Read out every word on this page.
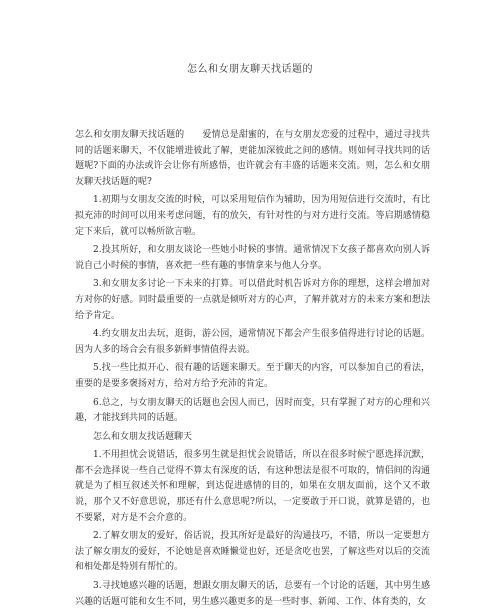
怎么和女朋友聊天找话题的

怎么和女朋友聊天找话题的 爱情总是甜蜜的，在与女朋友恋爱的过程中，通过寻找共同的话题来聊天，不仅能增进彼此了解，更能加深彼此之间的感情。则如何寻找共同的话题呢?下面的办法或许会让你有所感悟，也许就会有丰盛的话题来交流。则，怎么和女朋友聊天找话题的呢?

1.初期与女朋友交流的时候，可以采用短信作为辅助，因为用短信进行交流时，有比拟充沛的时间可以用来考虑问题，有的放矢，有针对性的与对方进行交流。等启期感情稳定下来后，就可以畅所欲言啦。

2.投其所好，和女朋友谈论一些她小时候的事情。通常情况下女孩子都喜欢向别人诉说自己小时候的事情，喜欢把一些有趣的事情拿来与他人分享。

3.和女朋友多讨论一下未来的打算。可以借此时机告诉对方你的理想，这样会增加对方对你的好感。同时最重要的一点就是倾听对方的心声，了解并就对方的未来方案和想法给予肯定。

4.约女朋友出去玩，逛街，游公园，通常情况下都会产生很多值得进行讨论的话题。因为人多的场合会有很多新鲜事情值得去说。

5.找一些比拟开心、很有趣的话题来聊天。至于聊天的内容，可以参加自己的看法，重要的是要多褒扬对方，给对方给予充沛的肯定。

6.总之，与女朋友聊天的话题也会因人而已，因时而变，只有掌握了对方的心理和兴趣，才能找到共同的话题。

怎么和女朋友找话题聊天

1.不用担忧会说错话，很多男生就是担忧会说错话，所以在很多时候宁愿选择沉默，都不会选择说一些自己觉得不算太有深度的话，有这种想法是很不可取的，情侣间的沟通就是为了相互叙述关怀和理解，到达促进感情的目的，如果在女朋友面前，这个又不敢说，那个又不好意思说，那还有什么意思呢?所以，一定要敢于开口说，就算是错的，也不要紧，对方是不会介意的。

2.了解女朋友的爱好，俗话说，投其所好是最好的沟通技巧，不错，所以一定要想方法了解女朋友的爱好，不论她是喜欢睡懒觉也好，还是贪吃也罢，了解这些对以后的交流和相处都是特别有帮忙的。

3.寻找她感兴趣的话题，想跟女朋友聊天的话，总要有一个讨论的话题，其中男生感兴趣的话题可能和女生不同，男生感兴趣更多的是一些时事、新闻、工作、体育类的，女
